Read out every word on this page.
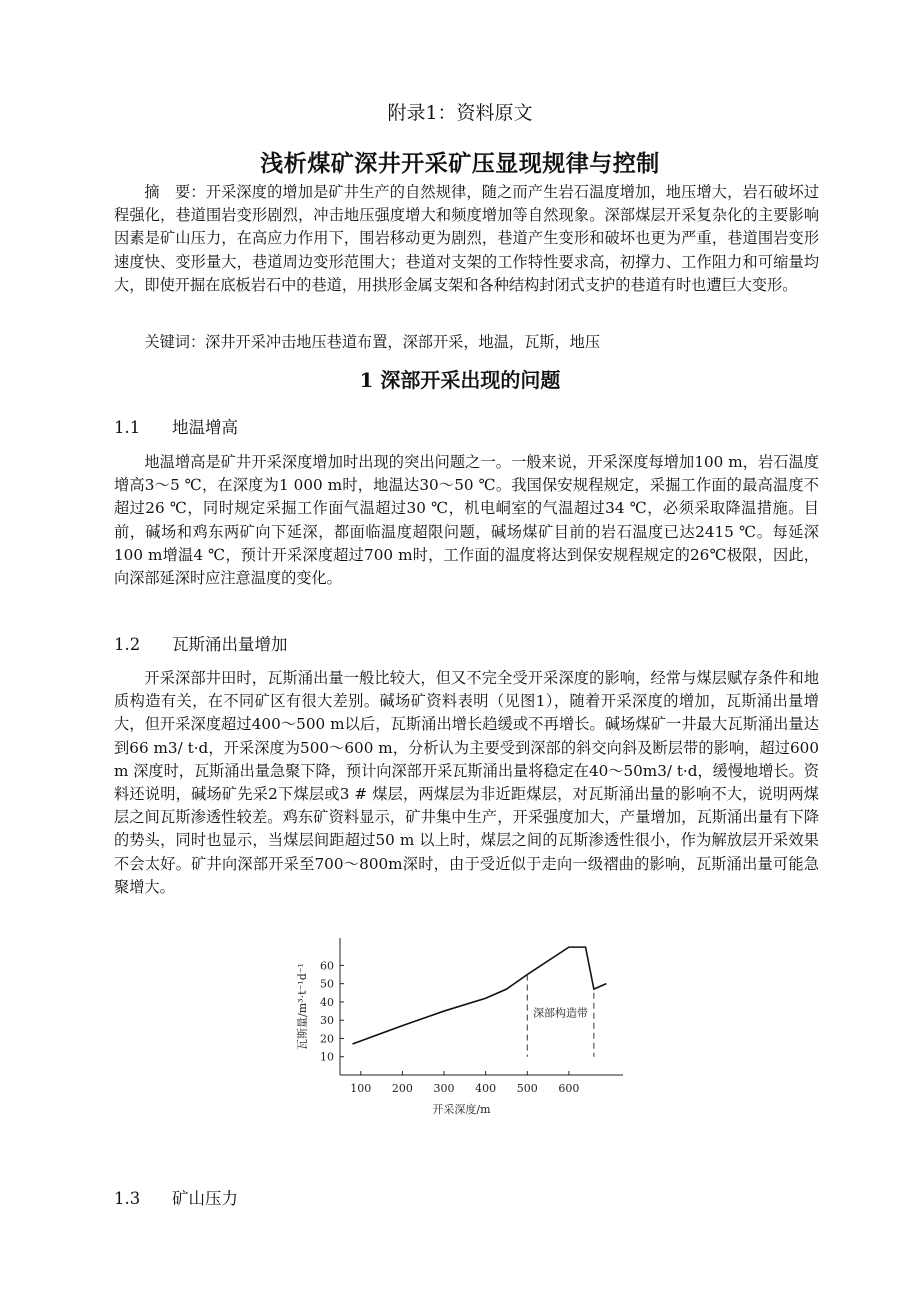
附录1：资料原文
浅析煤矿深井开采矿压显现规律与控制

摘　要：开采深度的增加是矿井生产的自然规律，随之而产生岩石温度增加，地压增大，岩石破坏过程强化，巷道围岩变形剧烈，冲击地压强度增大和频度增加等自然现象。深部煤层开采复杂化的主要影响因素是矿山压力，在高应力作用下，围岩移动更为剧烈，巷道产生变形和破坏也更为严重，巷道围岩变形速度快、变形量大，巷道周边变形范围大；巷道对支架的工作特性要求高，初撑力、工作阻力和可缩量均大，即使开掘在底板岩石中的巷道，用拱形金属支架和各种结构封闭式支护的巷道有时也遭巨大变形。

关键词：深井开采冲击地压巷道布置，深部开采，地温，瓦斯，地压

1 深部开采出现的问题
1.1 地温增高

地温增高是矿井开采深度增加时出现的突出问题之一。一般来说，开采深度每增加100 m，岩石温度增高3～5 ℃，在深度为1 000 m时，地温达30～50 ℃。我国保安规程规定，采掘工作面的最高温度不超过26 ℃，同时规定采掘工作面气温超过30 ℃，机电峒室的气温超过34 ℃，必须采取降温措施。目前，碱场和鸡东两矿向下延深，都面临温度超限问题，碱场煤矿目前的岩石温度已达2415 ℃。每延深100 m增温4 ℃，预计开采深度超过700 m时，工作面的温度将达到保安规程规定的26℃极限，因此，向深部延深时应注意温度的变化。

1.2 瓦斯涌出量增加

开采深部井田时，瓦斯涌出量一般比较大，但又不完全受开采深度的影响，经常与煤层赋存条件和地质构造有关，在不同矿区有很大差别。碱场矿资料表明（见图1），随着开采深度的增加，瓦斯涌出量增大，但开采深度超过400～500 m以后，瓦斯涌出增长趋缓或不再增长。碱场煤矿一井最大瓦斯涌出量达到66 m3/ t·d，开采深度为500～600 m，分析认为主要受到深部的斜交向斜及断层带的影响，超过600 m 深度时，瓦斯涌出量急聚下降，预计向深部开采瓦斯涌出量将稳定在40～50m3/ t·d，缓慢地增长。资料还说明，碱场矿先采2下煤层或3 # 煤层，两煤层为非近距煤层，对瓦斯涌出量的影响不大，说明两煤层之间瓦斯渗透性较差。鸡东矿资料显示，矿井集中生产，开采强度加大，产量增加，瓦斯涌出量有下降的势头，同时也显示，当煤层间距超过50 m 以上时，煤层之间的瓦斯渗透性很小，作为解放层开采效果不会太好。矿井向深部开采至700～800m深时，由于受近似于走向一级褶曲的影响，瓦斯涌出量可能急聚增大。

10
20
30
40
50
60
100 200 300 400 500 600
深部构造带
开采深度/m
瓦斯量/m³·t⁻¹d⁻¹
1.3 矿山压力
